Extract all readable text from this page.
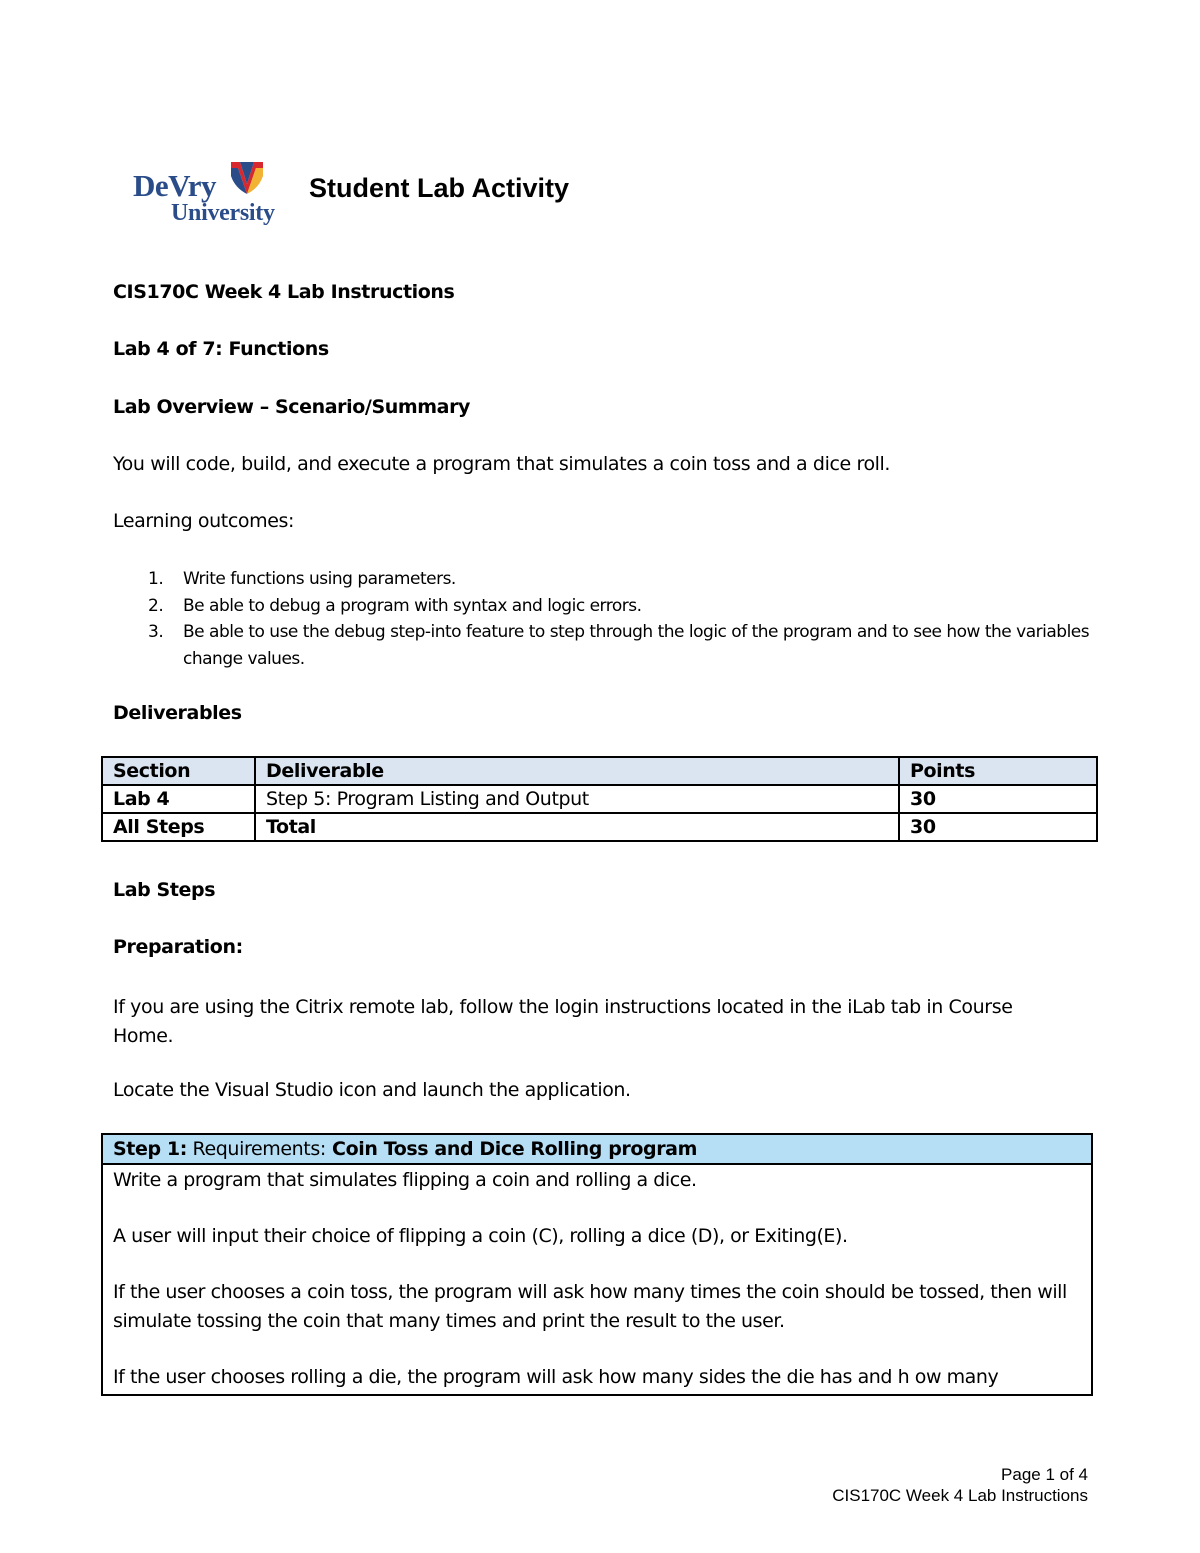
DeVry
University
Student Lab Activity
CIS170C Week 4 Lab Instructions
Lab 4 of 7: Functions
Lab Overview – Scenario/Summary
You will code, build, and execute a program that simulates a coin toss and a dice roll.
Learning outcomes:
1. Write functions using parameters.
2. Be able to debug a program with syntax and logic errors.
3. Be able to use the debug step-into feature to step through the logic of the program and to see how the variables change values.
Deliverables
Section	Deliverable	Points
Lab 4	Step 5: Program Listing and Output	30
All Steps	Total	30
Lab Steps
Preparation:
If you are using the Citrix remote lab, follow the login instructions located in the iLab tab in Course Home.
Locate the Visual Studio icon and launch the application.
Step 1: Requirements: Coin Toss and Dice Rolling program

Write a program that simulates flipping a coin and rolling a dice.

A user will input their choice of flipping a coin (C), rolling a dice (D), or Exiting(E).

If the user chooses a coin toss, the program will ask how many times the coin should be tossed, then will simulate tossing the coin that many times and print the result to the user.

If the user chooses rolling a die, the program will ask how many sides the die has and h ow many

Page 1 of 4
CIS170C Week 4 Lab Instructions
